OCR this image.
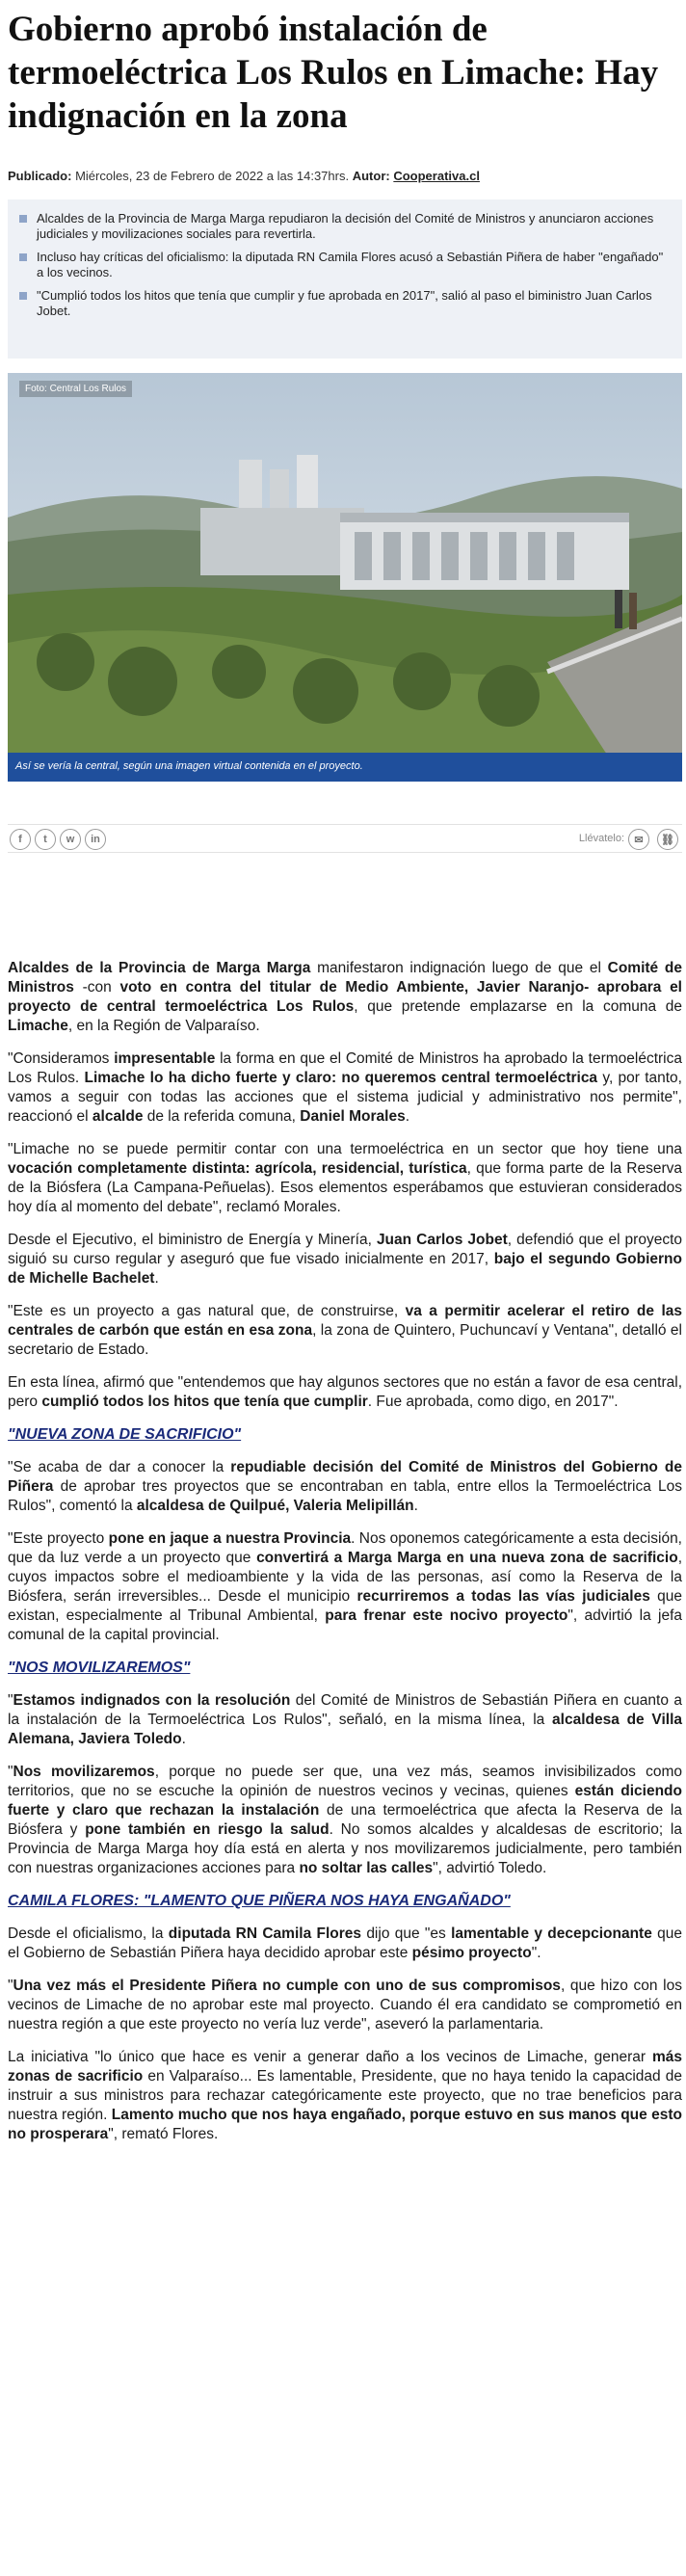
Gobierno aprobó instalación de termoeléctrica Los Rulos en Limache: Hay indignación en la zona
Publicado: Miércoles, 23 de Febrero de 2022 a las 14:37hrs. Autor: Cooperativa.cl
Alcaldes de la Provincia de Marga Marga repudiaron la decisión del Comité de Ministros y anunciaron acciones judiciales y movilizaciones sociales para revertirla.
Incluso hay críticas del oficialismo: la diputada RN Camila Flores acusó a Sebastián Piñera de haber "engañado" a los vecinos.
"Cumplió todos los hitos que tenía que cumplir y fue aprobada en 2017", salió al paso el biministro Juan Carlos Jobet.
Foto: Central Los Rulos
Así se vería la central, según una imagen virtual contenida en el proyecto.
f	t	w	in	Llévatelo: ✉	⛓

Alcaldes de la Provincia de Marga Marga manifestaron indignación luego de que el Comité de Ministros -con voto en contra del titular de Medio Ambiente, Javier Naranjo- aprobara el proyecto de central termoeléctrica Los Rulos, que pretende emplazarse en la comuna de Limache, en la Región de Valparaíso.

"Consideramos impresentable la forma en que el Comité de Ministros ha aprobado la termoeléctrica Los Rulos. Limache lo ha dicho fuerte y claro: no queremos central termoeléctrica y, por tanto, vamos a seguir con todas las acciones que el sistema judicial y administrativo nos permite", reaccionó el alcalde de la referida comuna, Daniel Morales.

"Limache no se puede permitir contar con una termoeléctrica en un sector que hoy tiene una vocación completamente distinta: agrícola, residencial, turística, que forma parte de la Reserva de la Biósfera (La Campana-Peñuelas). Esos elementos esperábamos que estuvieran considerados hoy día al momento del debate", reclamó Morales.

Desde el Ejecutivo, el biministro de Energía y Minería, Juan Carlos Jobet, defendió que el proyecto siguió su curso regular y aseguró que fue visado inicialmente en 2017, bajo el segundo Gobierno de Michelle Bachelet.

"Este es un proyecto a gas natural que, de construirse, va a permitir acelerar el retiro de las centrales de carbón que están en esa zona, la zona de Quintero, Puchuncaví y Ventana", detalló el secretario de Estado.

En esta línea, afirmó que "entendemos que hay algunos sectores que no están a favor de esa central, pero cumplió todos los hitos que tenía que cumplir. Fue aprobada, como digo, en 2017".

"NUEVA ZONA DE SACRIFICIO"

"Se acaba de dar a conocer la repudiable decisión del Comité de Ministros del Gobierno de Piñera de aprobar tres proyectos que se encontraban en tabla, entre ellos la Termoeléctrica Los Rulos", comentó la alcaldesa de Quilpué, Valeria Melipillán.

"Este proyecto pone en jaque a nuestra Provincia. Nos oponemos categóricamente a esta decisión, que da luz verde a un proyecto que convertirá a Marga Marga en una nueva zona de sacrificio, cuyos impactos sobre el medioambiente y la vida de las personas, así como la Reserva de la Biósfera, serán irreversibles... Desde el municipio recurriremos a todas las vías judiciales que existan, especialmente al Tribunal Ambiental, para frenar este nocivo proyecto", advirtió la jefa comunal de la capital provincial.

"NOS MOVILIZAREMOS"

"Estamos indignados con la resolución del Comité de Ministros de Sebastián Piñera en cuanto a la instalación de la Termoeléctrica Los Rulos", señaló, en la misma línea, la alcaldesa de Villa Alemana, Javiera Toledo.

"Nos movilizaremos, porque no puede ser que, una vez más, seamos invisibilizados como territorios, que no se escuche la opinión de nuestros vecinos y vecinas, quienes están diciendo fuerte y claro que rechazan la instalación de una termoeléctrica que afecta la Reserva de la Biósfera y pone también en riesgo la salud. No somos alcaldes y alcaldesas de escritorio; la Provincia de Marga Marga hoy día está en alerta y nos movilizaremos judicialmente, pero también con nuestras organizaciones acciones para no soltar las calles", advirtió Toledo.

CAMILA FLORES: "LAMENTO QUE PIÑERA NOS HAYA ENGAÑADO"

Desde el oficialismo, la diputada RN Camila Flores dijo que "es lamentable y decepcionante que el Gobierno de Sebastián Piñera haya decidido aprobar este pésimo proyecto".

"Una vez más el Presidente Piñera no cumple con uno de sus compromisos, que hizo con los vecinos de Limache de no aprobar este mal proyecto. Cuando él era candidato se comprometió en nuestra región a que este proyecto no vería luz verde", aseveró la parlamentaria.

La iniciativa "lo único que hace es venir a generar daño a los vecinos de Limache, generar más zonas de sacrificio en Valparaíso... Es lamentable, Presidente, que no haya tenido la capacidad de instruir a sus ministros para rechazar categóricamente este proyecto, que no trae beneficios para nuestra región. Lamento mucho que nos haya engañado, porque estuvo en sus manos que esto no prosperara", remató Flores.
